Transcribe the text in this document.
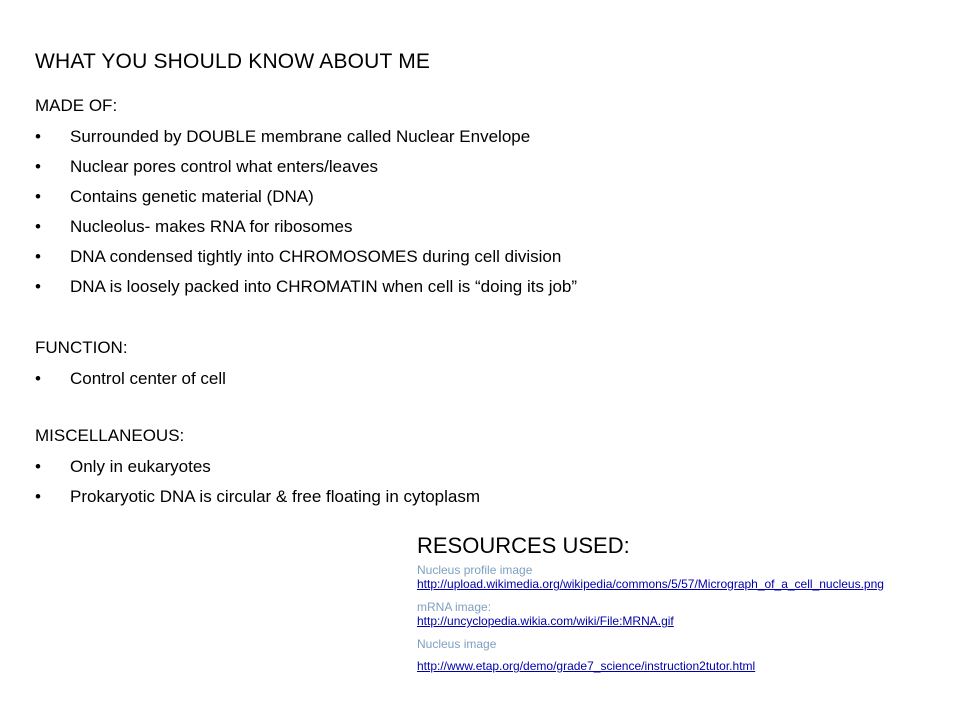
WHAT YOU SHOULD KNOW ABOUT ME
MADE OF:
• Surrounded by DOUBLE membrane called Nuclear Envelope
• Nuclear pores control what enters/leaves
• Contains genetic material (DNA)
• Nucleolus- makes RNA for ribosomes
• DNA condensed tightly into CHROMOSOMES during cell division
• DNA is loosely packed into CHROMATIN when cell is “doing its job”
FUNCTION:
• Control center of cell
MISCELLANEOUS:
• Only in eukaryotes
• Prokaryotic DNA is circular & free floating in cytoplasm
RESOURCES USED:
Nucleus profile image
http://upload.wikimedia.org/wikipedia/commons/5/57/Micrograph_of_a_cell_nucleus.png
mRNA image:
http://uncyclopedia.wikia.com/wiki/File:MRNA.gif
Nucleus image
http://www.etap.org/demo/grade7_science/instruction2tutor.html
